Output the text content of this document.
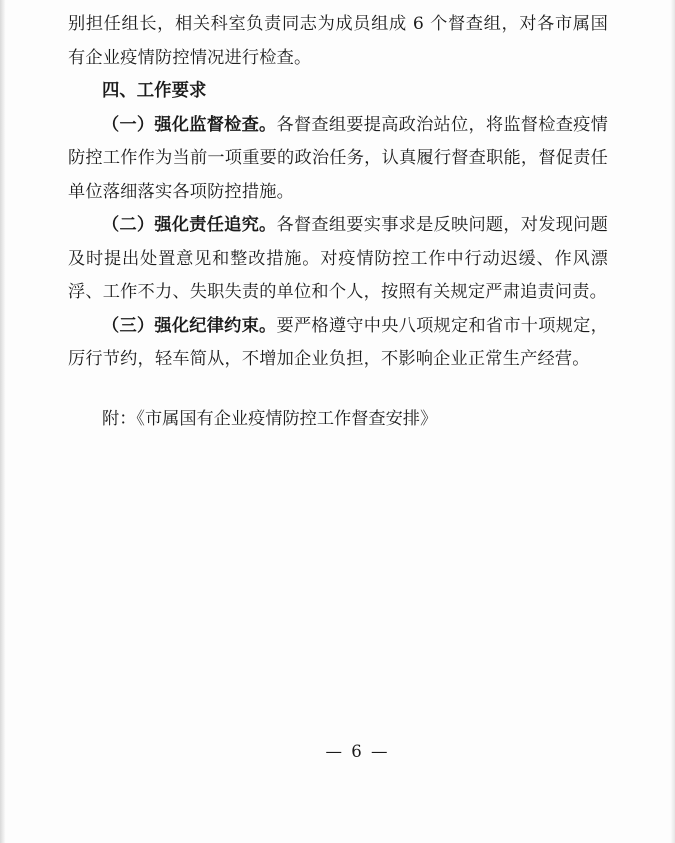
别担任组长，相关科室负责同志为成员组成 6 个督查组，对各市属国有企业疫情防控情况进行检查。

四、工作要求

（一）强化监督检查。各督查组要提高政治站位，将监督检查疫情防控工作作为当前一项重要的政治任务，认真履行督查职能，督促责任单位落细落实各项防控措施。

（二）强化责任追究。各督查组要实事求是反映问题，对发现问题及时提出处置意见和整改措施。对疫情防控工作中行动迟缓、作风漂浮、工作不力、失职失责的单位和个人，按照有关规定严肃追责问责。

（三）强化纪律约束。要严格遵守中央八项规定和省市十项规定，厉行节约，轻车简从，不增加企业负担，不影响企业正常生产经营。

附：《市属国有企业疫情防控工作督查安排》

— 6 —
